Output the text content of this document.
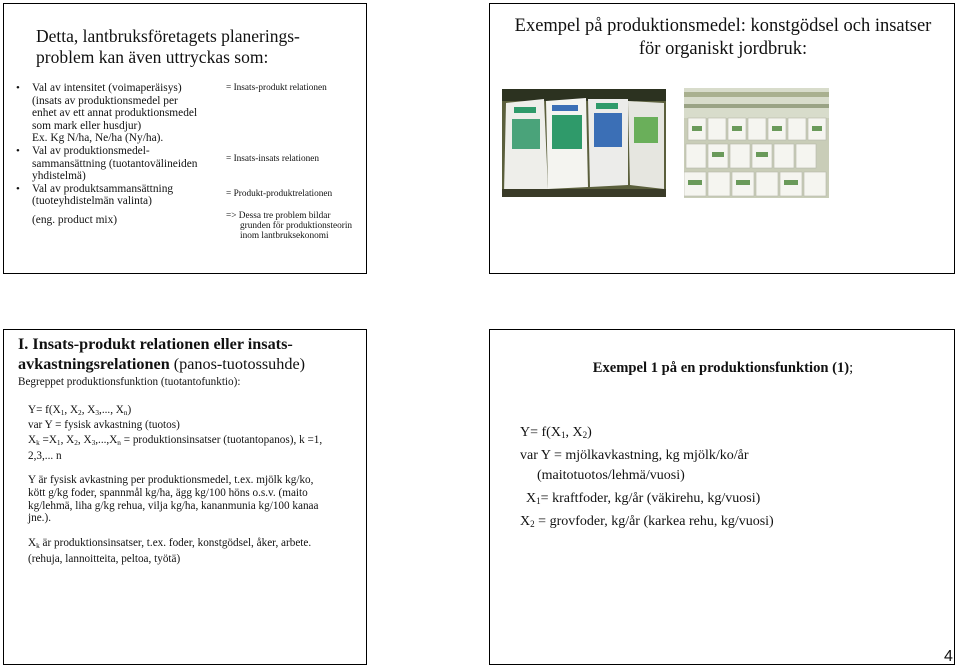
Detta, lantbruksföretagets planerings-problem kan även uttryckas som:
• Val av intensitet (voimaperäisys)
(insats av produktionsmedel per
enhet av ett annat produktionsmedel
som mark eller husdjur)
Ex. Kg N/ha, Ne/ha (Ny/ha).
• Val av produktionsmedel-
sammansättning (tuotantovälineiden
yhdistelmä)
• Val av produktsammansättning
(tuoteyhdistelmän valinta)
(eng. product mix)
= Insats-produkt relationen
= Insats-insats relationen
= Produkt-produktrelationen
=> Dessa tre problem bildar
grunden för produktionsteorin
inom lantbruksekonomi
Exempel på produktionsmedel: konstgödsel och insatser för organiskt jordbruk:
I. Insats-produkt relationen eller insats-avkastningsrelationen (panos-tuotossuhde)
Begreppet produktionsfunktion (tuotantofunktio):
$Y= f(X_1$, $X_2$, $X_3$,..., $X_n$)
var Y = fysisk avkastning (tuotos)
$X_k =X_1$, $X_2$, $X_3,...,X_n$ = produktionsinsatser (tuotantopanos), k =1,
2,3,... n
Y är fysisk avkastning per produktionsmedel, t.ex. mjölk kg/ko,
kött g/kg foder, spannmål kg/ha, ägg kg/100 höns o.s.v. (maito
kg/lehmä, liha g/kg rehua, vilja kg/ha, kananmunia kg/100 kanaa
jne.).
$X_k$ är produktionsinsatser, t.ex. foder, konstgödsel, åker, arbete.
(rehuja, lannoitteita, peltoa, työtä)
Exempel 1 på en produktionsfunktion (1);
$Y= f(X_1$, $X_2$)
var Y = mjölkavkastning, kg mjölk/ko/år
(maitotuotos/lehmä/vuosi)
$X_1=$ kraftfoder, kg/år (väkirehu, kg/vuosi)
$X_2$ = grovfoder, kg/år (karkea rehu, kg/vuosi)
4
